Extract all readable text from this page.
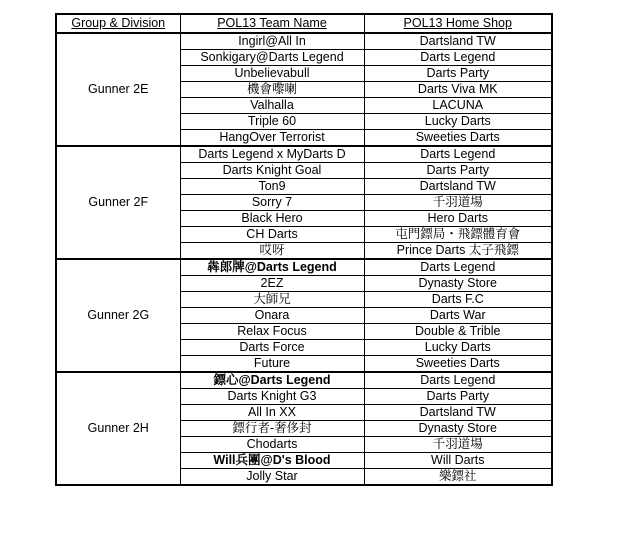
Group & Division	POL13 Team Name	POL13 Home Shop
Gunner 2E	Ingirl@All In	Dartsland TW
	Sonkigary@Darts Legend	Darts Legend
	Unbelievabull	Darts Party
	機會嚟喇	Darts Viva MK
	Valhalla	LACUNA
	Triple 60	Lucky Darts
	HangOver Terrorist	Sweeties Darts
Gunner 2F	Darts Legend x MyDarts D	Darts Legend
	Darts Knight Goal	Darts Party
	Ton9	Dartsland TW
	Sorry 7	千羽道場
	Black Hero	Hero Darts
	CH Darts	屯門鏢局・飛鏢體育會
	哎呀	Prince Darts 太子飛鏢
Gunner 2G	犇郎牌@Darts Legend	Darts Legend
	2EZ	Dynasty Store
	大師兄	Darts F.C
	Onara	Darts War
	Relax Focus	Double & Trible
	Darts Force	Lucky Darts
	Future	Sweeties Darts
Gunner 2H	鏢心@Darts Legend	Darts Legend
	Darts Knight G3	Darts Party
	All In XX	Dartsland TW
	鏢行者-奢侈封	Dynasty Store
	Chodarts	千羽道場
	Will兵團@D's Blood	Will Darts
	Jolly Star	樂鏢社
